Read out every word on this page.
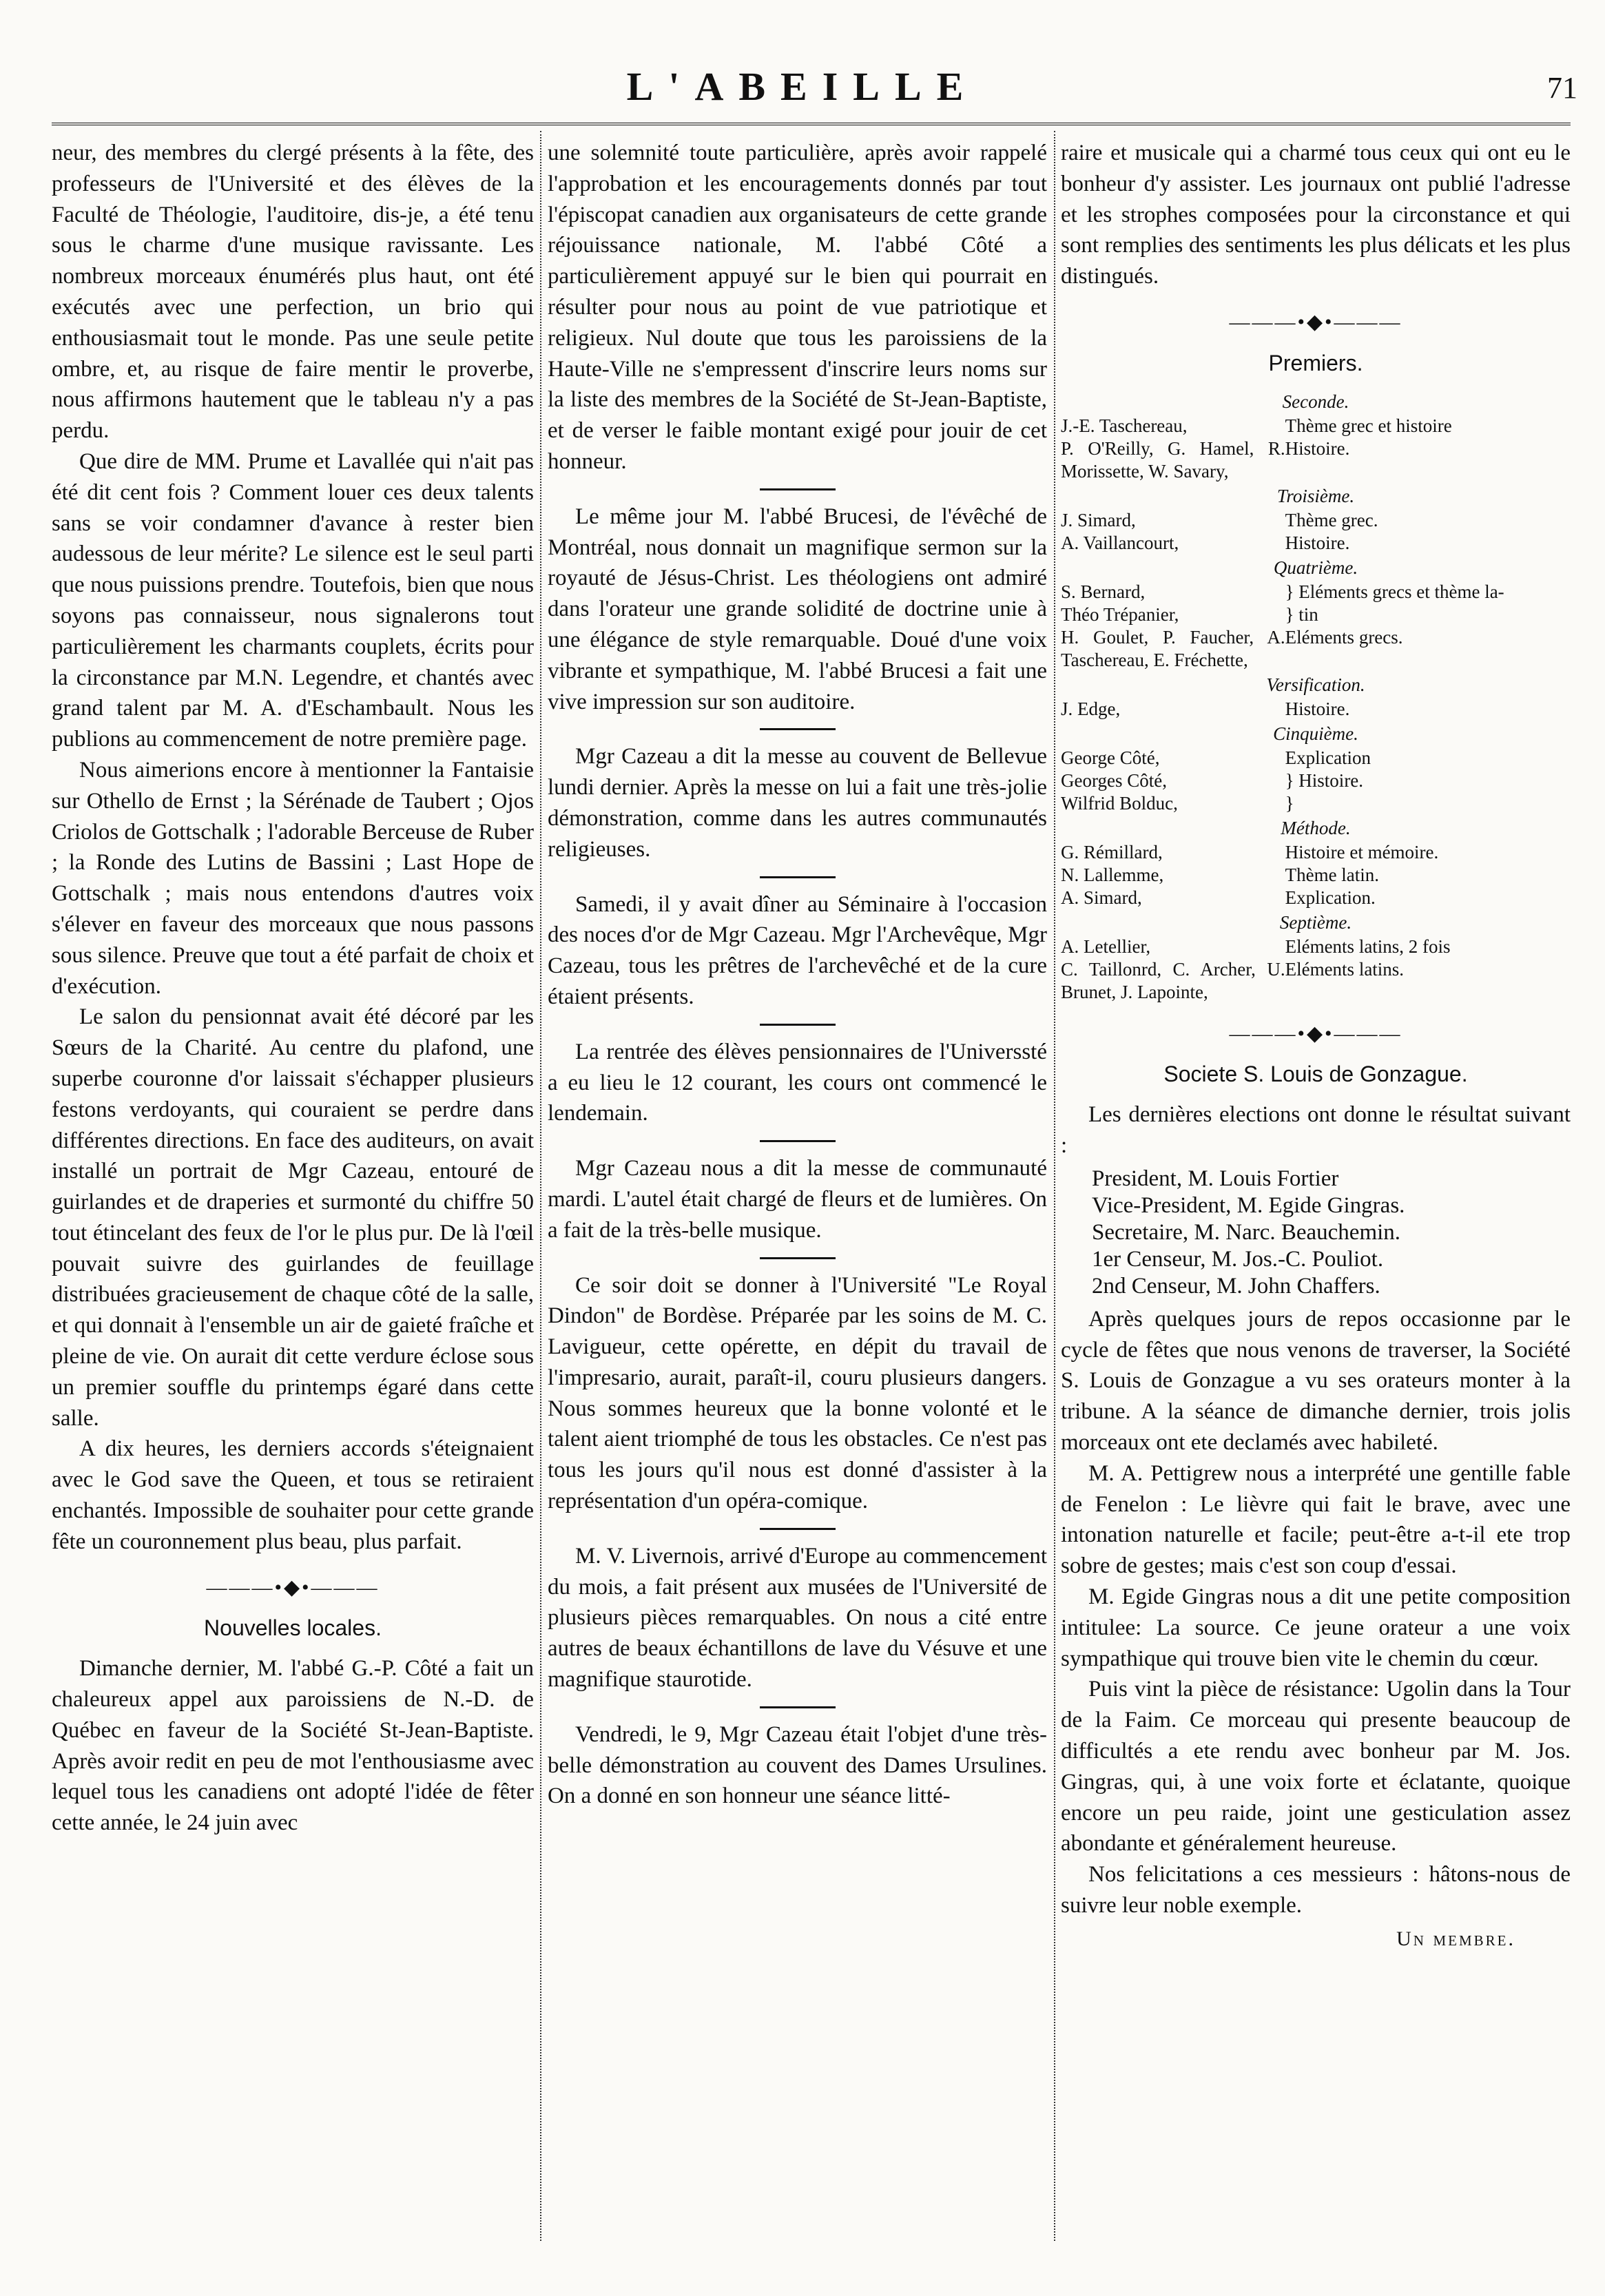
L'ABEILLE	71

neur, des membres du clergé présents à la fête, des professeurs de l'Université et des élèves de la Faculté de Théologie, l'auditoire, dis-je, a été tenu sous le charme d'une musique ravissante. Les nombreux morceaux énumérés plus haut, ont été exécutés avec une perfection, un brio qui enthousiasmait tout le monde. Pas une seule petite ombre, et, au risque de faire mentir le proverbe, nous affirmons hautement que le tableau n'y a pas perdu.

Que dire de MM. Prume et Lavallée qui n'ait pas été dit cent fois ? Comment louer ces deux talents sans se voir condamner d'avance à rester bien audessous de leur mérite? Le silence est le seul parti que nous puissions prendre. Toutefois, bien que nous soyons pas connaisseur, nous signalerons tout particulièrement les charmants couplets, écrits pour la circonstance par M.N. Legendre, et chantés avec grand talent par M. A. d'Eschambault. Nous les publions au commencement de notre première page.

Nous aimerions encore à mentionner la Fantaisie sur Othello de Ernst ; la Sérénade de Taubert ; Ojos Criolos de Gottschalk ; l'adorable Berceuse de Ruber ; la Ronde des Lutins de Bassini ; Last Hope de Gottschalk ; mais nous entendons d'autres voix s'élever en faveur des morceaux que nous passons sous silence. Preuve que tout a été parfait de choix et d'exécution.

Le salon du pensionnat avait été décoré par les Sœurs de la Charité. Au centre du plafond, une superbe couronne d'or laissait s'échapper plusieurs festons verdoyants, qui couraient se perdre dans différentes directions. En face des auditeurs, on avait installé un portrait de Mgr Cazeau, entouré de guirlandes et de draperies et surmonté du chiffre 50 tout étincelant des feux de l'or le plus pur. De là l'œil pouvait suivre des guirlandes de feuillage distribuées gracieusement de chaque côté de la salle, et qui donnait à l'ensemble un air de gaieté fraîche et pleine de vie. On aurait dit cette verdure éclose sous un premier souffle du printemps égaré dans cette salle.

A dix heures, les derniers accords s'éteignaient avec le God save the Queen, et tous se retiraient enchantés. Impossible de souhaiter pour cette grande fête un couronnement plus beau, plus parfait.

———•◆•———
Nouvelles locales.

Dimanche dernier, M. l'abbé G.-P. Côté a fait un chaleureux appel aux paroissiens de N.-D. de Québec en faveur de la Société St-Jean-Baptiste. Après avoir redit en peu de mot l'enthousiasme avec lequel tous les canadiens ont adopté l'idée de fêter cette année, le 24 juin avec

une solemnité toute particulière, après avoir rappelé l'approbation et les encouragements donnés par tout l'épiscopat canadien aux organisateurs de cette grande réjouissance nationale, M. l'abbé Côté a particulièrement appuyé sur le bien qui pourrait en résulter pour nous au point de vue patriotique et religieux. Nul doute que tous les paroissiens de la Haute-Ville ne s'empressent d'inscrire leurs noms sur la liste des membres de la Société de St-Jean-Baptiste, et de verser le faible montant exigé pour jouir de cet honneur.

Le même jour M. l'abbé Brucesi, de l'évêché de Montréal, nous donnait un magnifique sermon sur la royauté de Jésus-Christ. Les théologiens ont admiré dans l'orateur une grande solidité de doctrine unie à une élégance de style remarquable. Doué d'une voix vibrante et sympathique, M. l'abbé Brucesi a fait une vive impression sur son auditoire.

Mgr Cazeau a dit la messe au couvent de Bellevue lundi dernier. Après la messe on lui a fait une très-jolie démonstration, comme dans les autres communautés religieuses.

Samedi, il y avait dîner au Séminaire à l'occasion des noces d'or de Mgr Cazeau. Mgr l'Archevêque, Mgr Cazeau, tous les prêtres de l'archevêché et de la cure étaient présents.

La rentrée des élèves pensionnaires de l'Universsté a eu lieu le 12 courant, les cours ont commencé le lendemain.

Mgr Cazeau nous a dit la messe de communauté mardi. L'autel était chargé de fleurs et de lumières. On a fait de la très-belle musique.

Ce soir doit se donner à l'Université "Le Royal Dindon" de Bordèse. Préparée par les soins de M. C. Lavigueur, cette opérette, en dépit du travail de l'impresario, aurait, paraît-il, couru plusieurs dangers. Nous sommes heureux que la bonne volonté et le talent aient triomphé de tous les obstacles. Ce n'est pas tous les jours qu'il nous est donné d'assister à la représentation d'un opéra-comique.

M. V. Livernois, arrivé d'Europe au commencement du mois, a fait présent aux musées de l'Université de plusieurs pièces remarquables. On nous a cité entre autres de beaux échantillons de lave du Vésuve et une magnifique staurotide.

Vendredi, le 9, Mgr Cazeau était l'objet d'une très-belle démonstration au couvent des Dames Ursulines. On a donné en son honneur une séance litté-

raire et musicale qui a charmé tous ceux qui ont eu le bonheur d'y assister. Les journaux ont publié l'adresse et les strophes composées pour la circonstance et qui sont remplies des sentiments les plus délicats et les plus distingués.

———•◆•———
Premiers.
Seconde.
J.-E. Taschereau,	Thème grec et histoire
P. O'Reilly, G. Hamel, R. Morissette, W. Savary,	Histoire.
Troisième.
J. Simard,	Thème grec.
A. Vaillancourt,	Histoire.
Quatrième.
S. Bernard,	} Eléments grecs et thème la-
Théo Trépanier,	} tin
H. Goulet, P. Faucher, A. Taschereau, E. Fréchette,	Eléments grecs.
Versification.
J. Edge,	Histoire.
Cinquième.
George Côté,	Explication
Georges Côté,	} Histoire.
Wilfrid Bolduc,	}
Méthode.
G. Rémillard,	Histoire et mémoire.
N. Lallemme,	Thème latin.
A. Simard,	Explication.
Septième.
A. Letellier,	Eléments latins, 2 fois
C. Taillonrd, C. Archer, U. Brunet, J. Lapointe,	Eléments latins.
———•◆•———
Societe S. Louis de Gonzague.

Les dernières elections ont donne le résultat suivant :

President, M. Louis Fortier
Vice-President, M. Egide Gingras.
Secretaire, M. Narc. Beauchemin.
1er Censeur, M. Jos.-C. Pouliot.
2nd Censeur, M. John Chaffers.

Après quelques jours de repos occasionne par le cycle de fêtes que nous venons de traverser, la Société S. Louis de Gonzague a vu ses orateurs monter à la tribune. A la séance de dimanche dernier, trois jolis morceaux ont ete declamés avec habileté.

M. A. Pettigrew nous a interprété une gentille fable de Fenelon : Le lièvre qui fait le brave, avec une intonation naturelle et facile; peut-être a-t-il ete trop sobre de gestes; mais c'est son coup d'essai.

M. Egide Gingras nous a dit une petite composition intitulee: La source. Ce jeune orateur a une voix sympathique qui trouve bien vite le chemin du cœur.

Puis vint la pièce de résistance: Ugolin dans la Tour de la Faim. Ce morceau qui presente beaucoup de difficultés a ete rendu avec bonheur par M. Jos. Gingras, qui, à une voix forte et éclatante, quoique encore un peu raide, joint une gesticulation assez abondante et généralement heureuse.

Nos felicitations a ces messieurs : hâtons-nous de suivre leur noble exemple.

Un membre.
